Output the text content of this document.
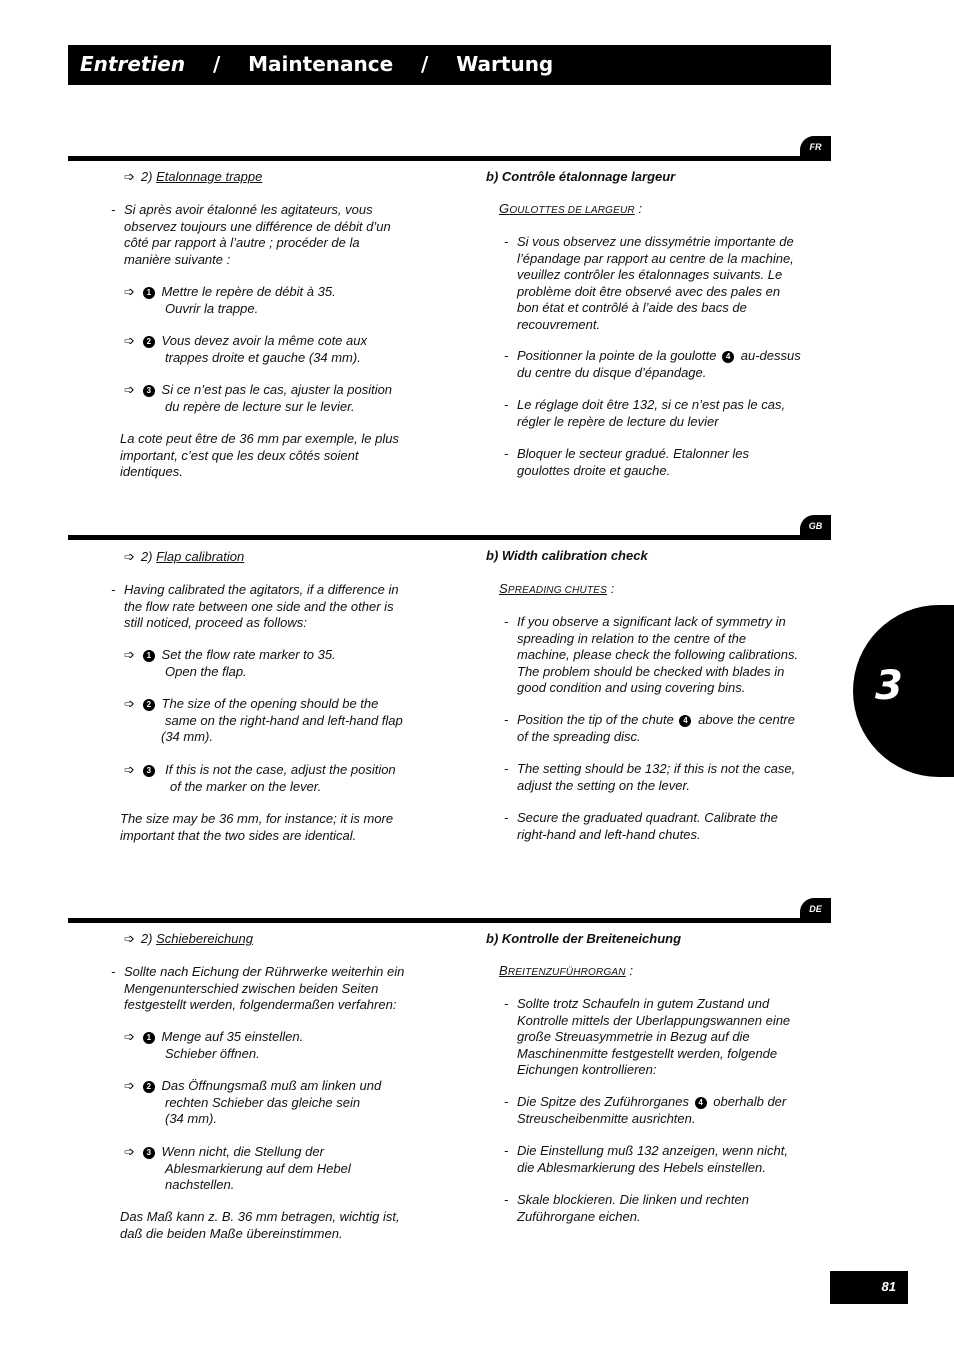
Entretien / Maintenance / Wartung
FR
➩ 2) Etalonnage trappe
- Si après avoir étalonné les agitateurs, vous
observez toujours une différence de débit d’un
côté par rapport à l’autre ; procéder de la
manière suivante :
➩ 1 Mettre le repère de débit à 35.
Ouvrir la trappe.
➩ 2 Vous devez avoir la même cote aux
trappes droite et gauche (34 mm).
➩ 3 Si ce n’est pas le cas, ajuster la position
du repère de lecture sur le levier.
La cote peut être de 36 mm par exemple, le plus
important, c’est que les deux côtés soient
identiques.
b) Contrôle étalonnage largeur
GOULOTTES DE LARGEUR :
- Si vous observez une dissymétrie importante de
l’épandage par rapport au centre de la machine,
veuillez contrôler les étalonnages suivants. Le
problème doit être observé avec des pales en
bon état et contrôlé à l’aide des bacs de
recouvrement.
- Positionner la pointe de la goulotte 4 au-dessus
du centre du disque d’épandage.
- Le réglage doit être 132, si ce n’est pas le cas,
régler le repère de lecture du levier
- Bloquer le secteur gradué. Etalonner les
goulottes droite et gauche.
GB
➩ 2) Flap calibration
- Having calibrated the agitators, if a difference in
the flow rate between one side and the other is
still noticed, proceed as follows:
➩ 1 Set the flow rate marker to 35.
Open the flap.
➩ 2 The size of the opening should be the
same on the right-hand and left-hand flap
(34 mm).
➩ 3 If this is not the case, adjust the position
of the marker on the lever.
The size may be 36 mm, for instance; it is more
important that the two sides are identical.
b) Width calibration check
SPREADING CHUTES :
- If you observe a significant lack of symmetry in
spreading in relation to the centre of the
machine, please check the following calibrations.
The problem should be checked with blades in
good condition and using covering bins.
- Position the tip of the chute 4 above the centre
of the spreading disc.
- The setting should be 132; if this is not the case,
adjust the setting on the lever.
- Secure the graduated quadrant. Calibrate the
right-hand and left-hand chutes.
3
DE
➩ 2) Schiebereichung
- Sollte nach Eichung der Rührwerke weiterhin ein
Mengenunterschied zwischen beiden Seiten
festgestellt werden, folgendermaßen verfahren:
➩ 1 Menge auf 35 einstellen.
Schieber öffnen.
➩ 2 Das Öffnungsmaß muß am linken und
rechten Schieber das gleiche sein
(34 mm).
➩ 3 Wenn nicht, die Stellung der
Ablesmarkierung auf dem Hebel
nachstellen.
Das Maß kann z. B. 36 mm betragen, wichtig ist,
daß die beiden Maße übereinstimmen.
b) Kontrolle der Breiteneichung
BREITENZUFÜHRORGAN :
- Sollte trotz Schaufeln in gutem Zustand und
Kontrolle mittels der Uberlappungswannen eine
große Streuasymmetrie in Bezug auf die
Maschinenmitte festgestellt werden, folgende
Eichungen kontrollieren:
- Die Spitze des Zuführorganes 4 oberhalb der
Streuscheibenmitte ausrichten.
- Die Einstellung muß 132 anzeigen, wenn nicht,
die Ablesmarkierung des Hebels einstellen.
- Skale blockieren. Die linken und rechten
Zuführorgane eichen.
81
